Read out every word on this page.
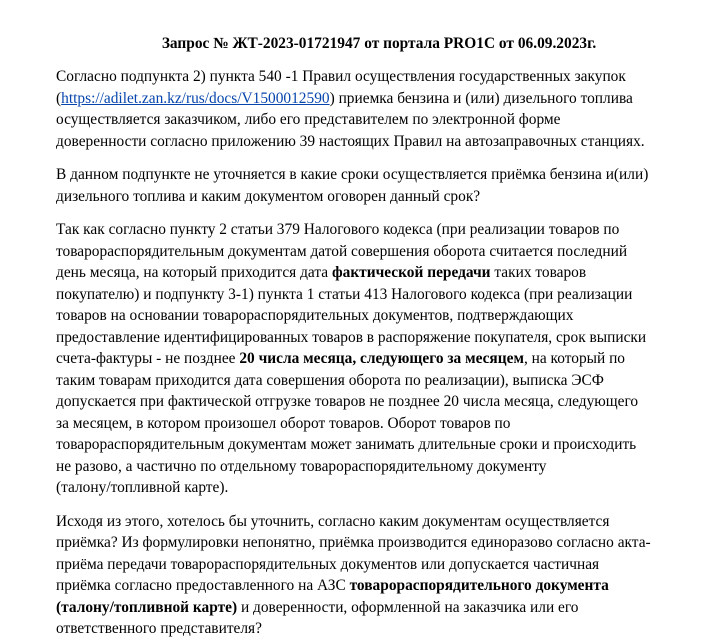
Запрос № ЖТ-2023-01721947 от портала PRO1C от 06.09.2023г.
Согласно подпункта 2) пункта 540 -1 Правил осуществления государственных закупок
(https://adilet.zan.kz/rus/docs/V1500012590) приемка бензина и (или) дизельного топлива
осуществляется заказчиком, либо его представителем по электронной форме
доверенности согласно приложению 39 настоящих Правил на автозаправочных станциях.
В данном подпункте не уточняется в какие сроки осуществляется приёмка бензина и(или)
дизельного топлива и каким документом оговорен данный срок?
Так как согласно пункту 2 статьи 379 Налогового кодекса (при реализации товаров по
товарораспорядительным документам датой совершения оборота считается последний
день месяца, на который приходится дата фактической передачи таких товаров
покупателю) и подпункту 3-1) пункта 1 статьи 413 Налогового кодекса (при реализации
товаров на основании товарораспорядительных документов, подтверждающих
предоставление идентифицированных товаров в распоряжение покупателя, срок выписки
счета-фактуры - не позднее 20 числа месяца, следующего за месяцем, на который по
таким товарам приходится дата совершения оборота по реализации), выписка ЭСФ
допускается при фактической отгрузке товаров не позднее 20 числа месяца, следующего
за месяцем, в котором произошел оборот товаров. Оборот товаров по
товарораспорядительным документам может занимать длительные сроки и происходить
не разово, а частично по отдельному товарораспорядительному документу
(талону/топливной карте).
Исходя из этого, хотелось бы уточнить, согласно каким документам осуществляется
приёмка? Из формулировки непонятно, приёмка производится единоразово согласно акта-
приёма передачи товарораспорядительных документов или допускается частичная
приёмка согласно предоставленного на АЗС товарораспорядительного документа
(талону/топливной карте) и доверенности, оформленной на заказчика или его
ответственного представителя?
